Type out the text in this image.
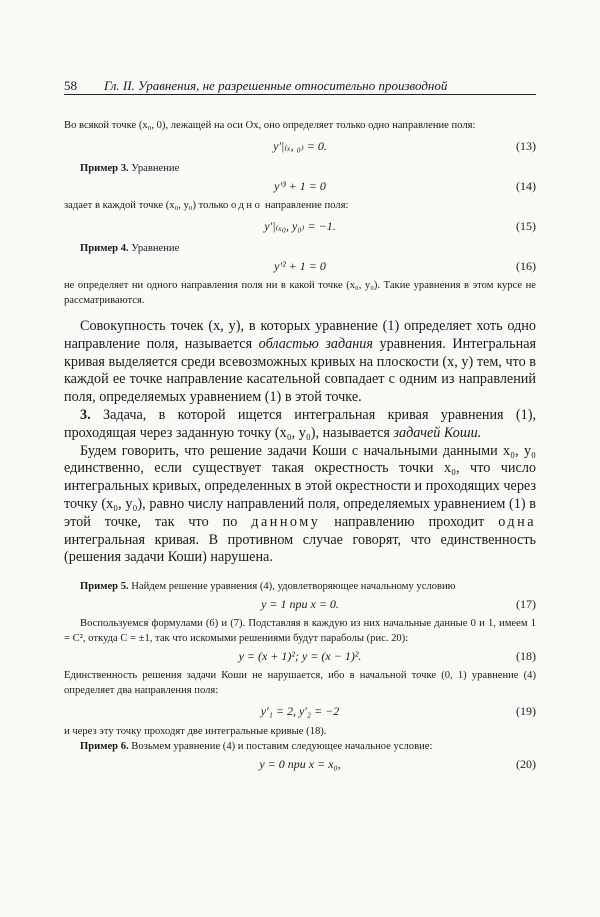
58 Гл. II. Уравнения, не разрешенные относительно производной

Во всякой точке (x₀, 0), лежащей на оси Ox, оно определяет только одно направление поля:

y′|₍ₓ, ₀₎ = 0.	(13)

Пример 3. Уравнение

y′³ + 1 = 0	(14)

задает в каждой точке (x₀, y₀) только одно направление поля:

y′|₍ₓ₀, y₀₎ = −1.	(15)

Пример 4. Уравнение

y′² + 1 = 0	(16)

не определяет ни одного направления поля ни в какой точке (x₀, y₀). Такие уравнения в этом курсе не рассматриваются.

Совокупность точек (x, y), в которых уравнение (1) определяет хоть одно направление поля, называется областью задания уравнения. Интегральная кривая выделяется среди всевозможных кривых на плоскости (x, y) тем, что в каждой ее точке направление касательной совпадает с одним из направлений поля, определяемых уравнением (1) в этой точке.

3. Задача, в которой ищется интегральная кривая уравнения (1), проходящая через заданную точку (x₀, y₀), называется задачей Коши.

Будем говорить, что решение задачи Коши с начальными данными x₀, y₀ единственно, если существует такая окрестность точки x₀, что число интегральных кривых, определенных в этой окрестности и проходящих через точку (x₀, y₀), равно числу направлений поля, определяемых уравнением (1) в этой точке, так что по данному направлению проходит одна интегральная кривая. В противном случае говорят, что единственность (решения задачи Коши) нарушена.

Пример 5. Найдем решение уравнения (4), удовлетворяющее начальному условию

y = 1 при x = 0.	(17)

Воспользуемся формулами (6) и (7). Подставляя в каждую из них начальные данные 0 и 1, имеем 1 = C², откуда C = ±1, так что искомыми решениями будут параболы (рис. 20):

y = (x + 1)²; y = (x − 1)².	(18)

Единственность решения задачи Коши не нарушается, ибо в начальной точке (0, 1) уравнение (4) определяет два направления поля:

y′₁ = 2, y′₂ = −2	(19)

и через эту точку проходят две интегральные кривые (18).

Пример 6. Возьмем уравнение (4) и поставим следующее начальное условие:

y = 0 при x = x₀,	(20)
